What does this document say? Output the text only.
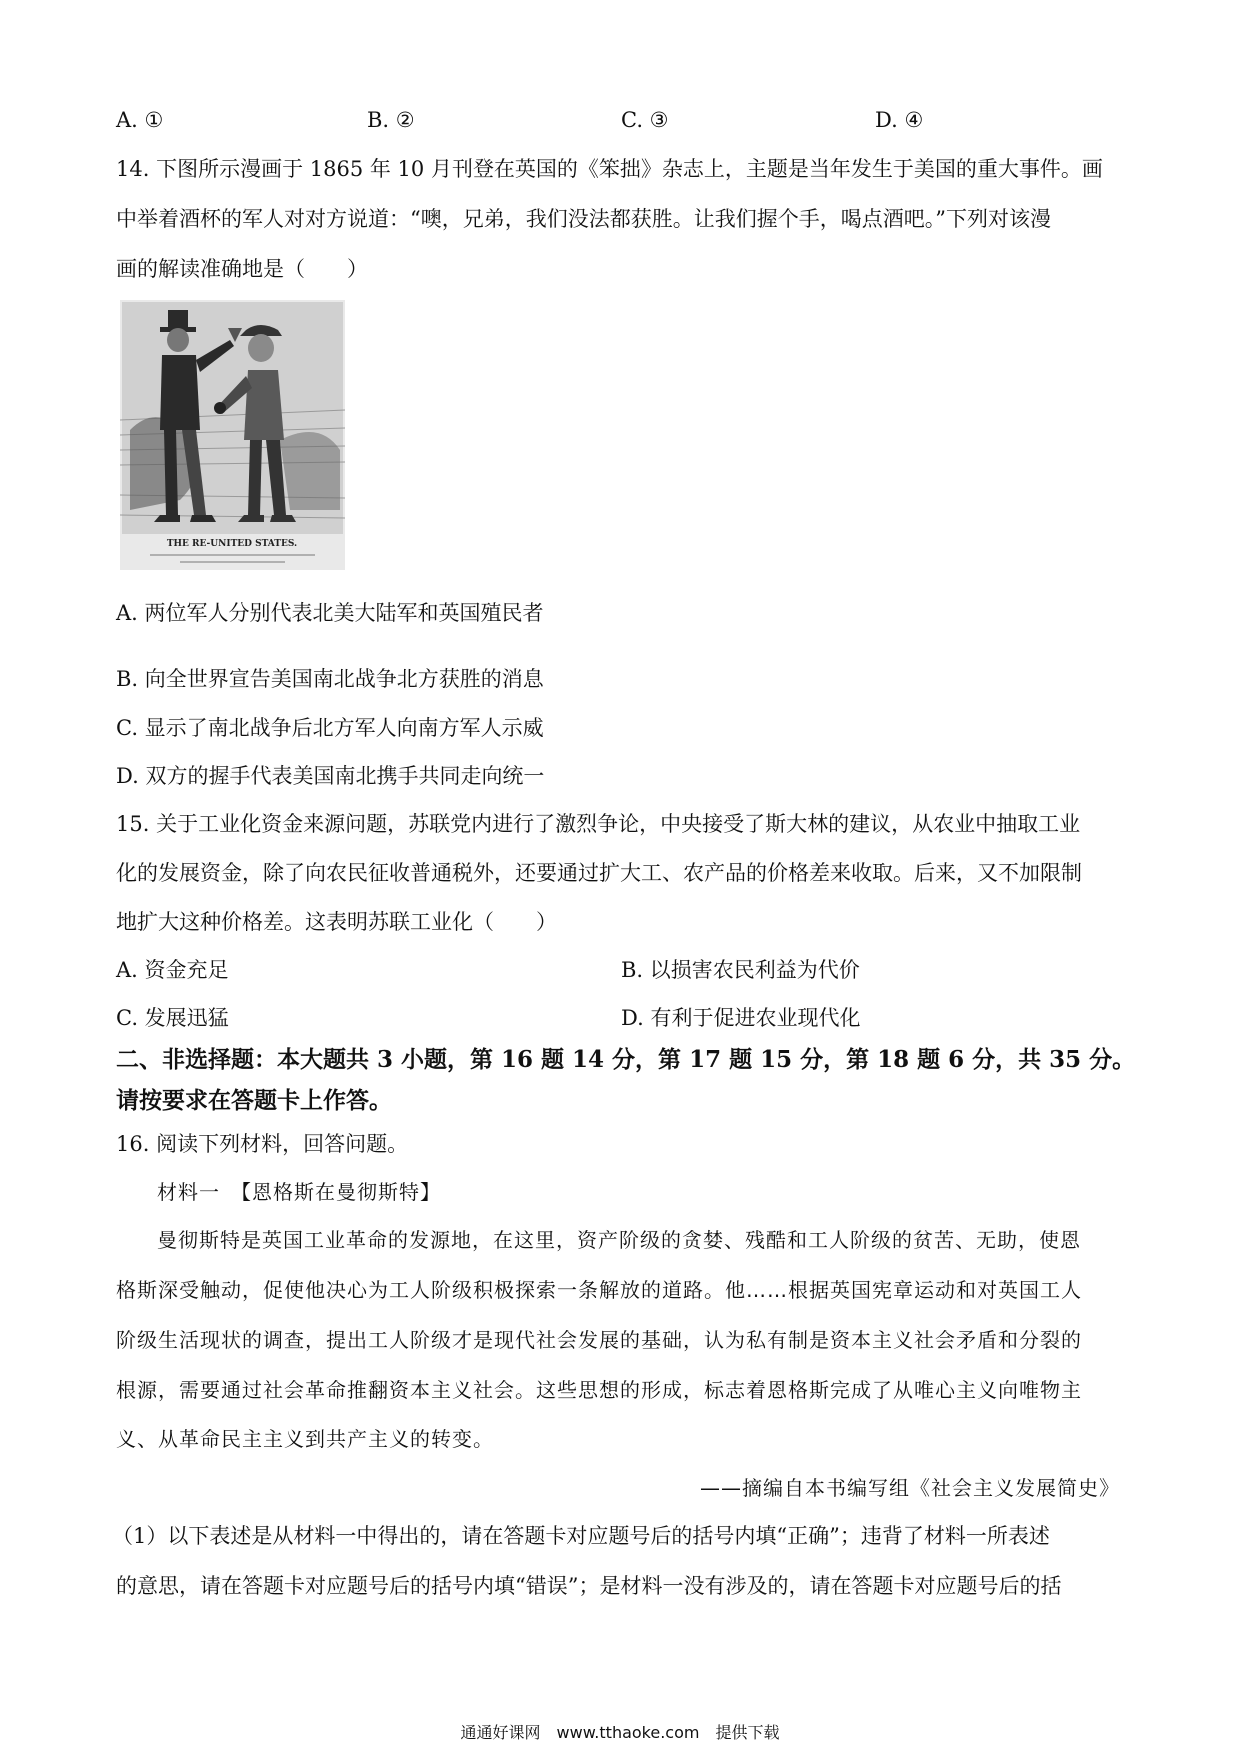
A. ①	B. ②	C. ③	D. ④
14. 下图所示漫画于 1865 年 10 月刊登在英国的《笨拙》杂志上，主题是当年发生于美国的重大事件。画
中举着酒杯的军人对对方说道：“噢，兄弟，我们没法都获胜。让我们握个手，喝点酒吧。”下列对该漫
画的解读准确地是（　　）
THE RE-UNITED STATES.
A. 两位军人分别代表北美大陆军和英国殖民者
B. 向全世界宣告美国南北战争北方获胜的消息
C. 显示了南北战争后北方军人向南方军人示威
D. 双方的握手代表美国南北携手共同走向统一
15. 关于工业化资金来源问题，苏联党内进行了激烈争论，中央接受了斯大林的建议，从农业中抽取工业
化的发展资金，除了向农民征收普通税外，还要通过扩大工、农产品的价格差来收取。后来，又不加限制
地扩大这种价格差。这表明苏联工业化（　　）
A. 资金充足	B. 以损害农民利益为代价
C. 发展迅猛	D. 有利于促进农业现代化
二、非选择题：本大题共 3 小题，第 16 题 14 分，第 17 题 15 分，第 18 题 6 分，共 35 分。
请按要求在答题卡上作答。
16. 阅读下列材料，回答问题。
材料一　【恩格斯在曼彻斯特】
曼彻斯特是英国工业革命的发源地，在这里，资产阶级的贪婪、残酷和工人阶级的贫苦、无助，使恩
格斯深受触动，促使他决心为工人阶级积极探索一条解放的道路。他……根据英国宪章运动和对英国工人
阶级生活现状的调查，提出工人阶级才是现代社会发展的基础，认为私有制是资本主义社会矛盾和分裂的
根源，需要通过社会革命推翻资本主义社会。这些思想的形成，标志着恩格斯完成了从唯心主义向唯物主
义、从革命民主主义到共产主义的转变。
——摘编自本书编写组《社会主义发展简史》
（1）以下表述是从材料一中得出的，请在答题卡对应题号后的括号内填“正确”；违背了材料一所表述
的意思，请在答题卡对应题号后的括号内填“错误”；是材料一没有涉及的，请在答题卡对应题号后的括
通通好课网　www.tthaoke.com　提供下载
